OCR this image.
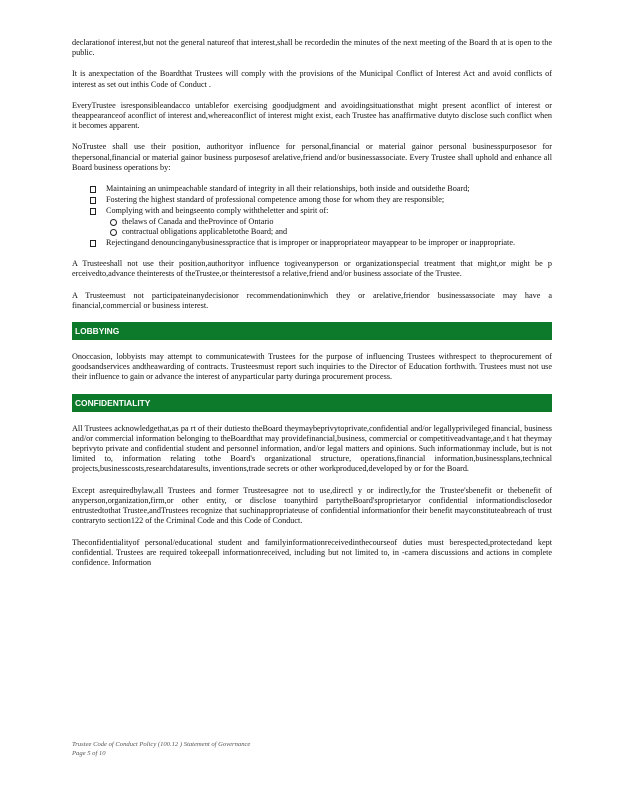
declarationof interest,but not the general natureof that interest,shall be recordedin the minutes of the next meeting of the Board th at is open to the public.

It is anexpectation of the Boardthat Trustees will comply with the provisions of the Municipal Conflict of Interest Act and avoid conflicts of interest as set out inthis Code of Conduct .

EveryTrustee isresponsibleandacco untablefor exercising goodjudgment and avoidingsituationsthat might present aconflict of interest or theappearanceof aconflict of interest and,whereaconflict of interest might exist, each Trustee has anaffirmative dutyto disclose such conflict when it becomes apparent.

NoTrustee shall use their position, authorityor influence for personal,financial or material gainor personal businesspurposesor for thepersonal,financial or material gainor business purposesof arelative,friend and/or businessassociate. Every Trustee shall uphold and enhance all Board business operations by:

Maintaining an unimpeachable standard of integrity in all their relationships, both inside and outsidethe Board;
Fostering the highest standard of professional competence among those for whom they are responsible;
Complying with and beingseento comply withtheletter and spirit of:
thelaws of Canada and theProvince of Ontario
contractual obligations applicabletothe Board; and
Rejectingand denouncinganybusinesspractice that is improper or inappropriateor mayappear to be improper or inappropriate.

A Trusteeshall not use their position,authorityor influence togiveanyperson or organizationspecial treatment that might,or might be p erceivedto,advance theinterests of theTrustee,or theinterestsof a relative,friend and/or business associate of the Trustee.

A Trusteemust not participateinanydecisionor recommendationinwhich they or arelative,friendor businessassociate may have a financial,commercial or business interest.

LOBBYING

Onoccasion, lobbyists may attempt to communicatewith Trustees for the purpose of influencing Trustees withrespect to theprocurement of goodsandservices andtheawarding of contracts. Trusteesmust report such inquiries to the Director of Education forthwith. Trustees must not use their influence to gain or advance the interest of anyparticular party duringa procurement process.

CONFIDENTIALITY

All Trustees acknowledgethat,as pa rt of their dutiesto theBoard theymaybeprivytoprivate,confidential and/or legallyprivileged financial, business and/or commercial information belonging to theBoardthat may providefinancial,business, commercial or competitiveadvantage,and t hat theymay beprivyto private and confidential student and personnel information, and/or legal matters and opinions. Such informationmay include, but is not limited to, information relating tothe Board's organizational structure, operations,financial information,businessplans,technical projects,businesscosts,researchdataresults, inventions,trade secrets or other workproduced,developed by or for the Board.

Except asrequiredbylaw,all Trustees and former Trusteesagree not to use,directl y or indirectly,for the Trustee'sbenefit or thebenefit of anyperson,organization,firm,or other entity, or disclose toanythird partytheBoard'sproprietaryor confidential informationdisclosedor entrustedtothat Trustee,andTrustees recognize that suchinappropriateuse of confidential informationfor their benefit mayconstituteabreach of trust contraryto section122 of the Criminal Code and this Code of Conduct.

Theconfidentialityof personal/educational student and familyinformationreceivedinthecourseof duties must berespected,protectedand kept confidential. Trustees are required tokeepall informationreceived, including but not limited to, in -camera discussions and actions in complete confidence. Information

Trustee Code of Conduct Policy (100.12 ) Statement of Governance
Page 5 of 10
